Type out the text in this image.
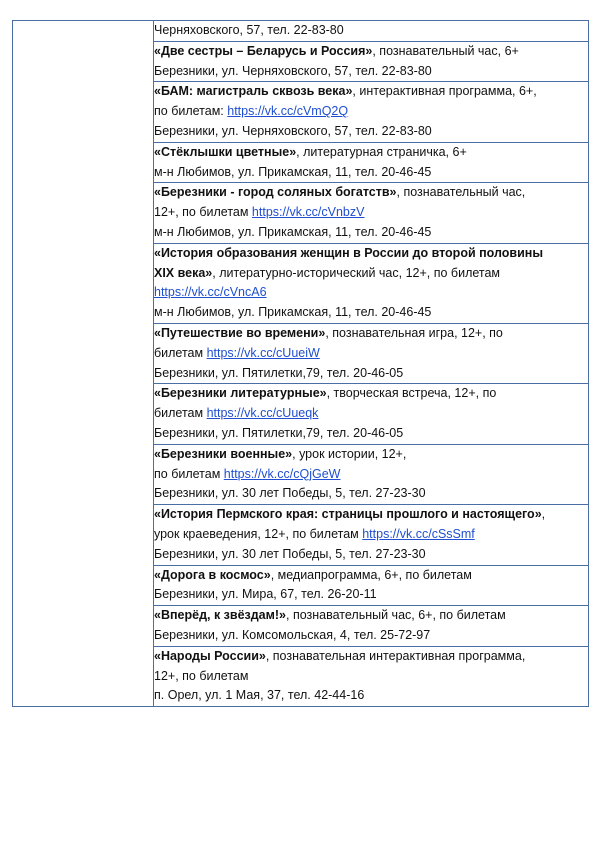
Черняховского, 57, тел. 22-83-80

«Две сестры – Беларусь и Россия», познавательный час, 6+
Березники, ул. Черняховского, 57, тел. 22-83-80

«БАМ: магистраль сквозь века», интерактивная программа, 6+,
по билетам: https://vk.cc/cVmQ2Q
Березники, ул. Черняховского, 57, тел. 22-83-80

«Стёклышки цветные», литературная страничка, 6+
м-н Любимов, ул. Прикамская, 11, тел. 20-46-45

«Березники - город соляных богатств», познавательный час,
12+, по билетам https://vk.cc/cVnbzV
м-н Любимов, ул. Прикамская, 11, тел. 20-46-45

«История образования женщин в России до второй половины
XIX века», литературно-исторический час, 12+, по билетам
https://vk.cc/cVncA6
м-н Любимов, ул. Прикамская, 11, тел. 20-46-45

«Путешествие во времени», познавательная игра, 12+, по
билетам https://vk.cc/cUueiW
Березники, ул. Пятилетки,79, тел. 20-46-05

«Березники литературные», творческая встреча, 12+, по
билетам https://vk.cc/cUueqk
Березники, ул. Пятилетки,79, тел. 20-46-05

«Березники военные», урок истории, 12+,
по билетам https://vk.cc/cQjGeW
Березники, ул. 30 лет Победы, 5, тел. 27-23-30

«История Пермского края: страницы прошлого и настоящего»,
урок краеведения, 12+, по билетам https://vk.cc/cSsSmf
Березники, ул. 30 лет Победы, 5, тел. 27-23-30

«Дорога в космос», медиапрограмма, 6+, по билетам
Березники, ул. Мира, 67, тел. 26-20-11

«Вперёд, к звёздам!», познавательный час, 6+, по билетам
Березники, ул. Комсомольская, 4, тел. 25-72-97

«Народы России», познавательная интерактивная программа,
12+, по билетам
п. Орел, ул. 1 Мая, 37, тел. 42-44-16
